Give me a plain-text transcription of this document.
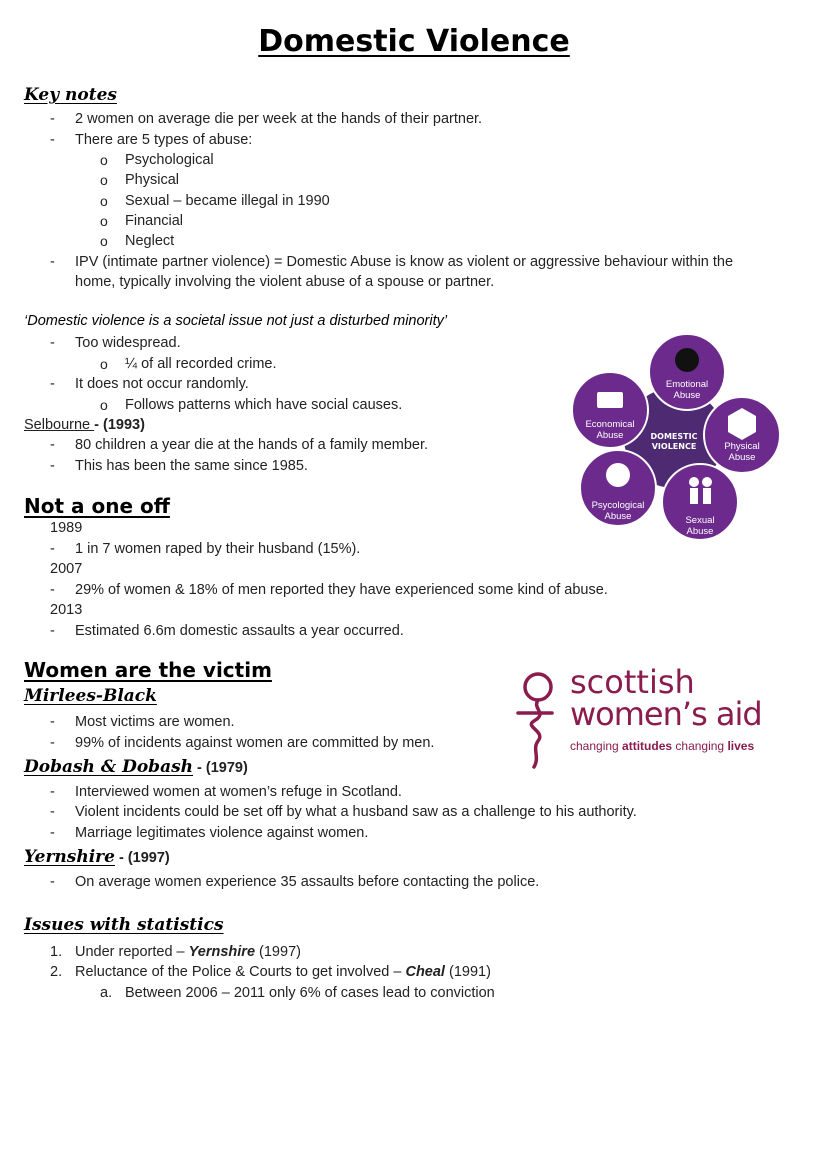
Domestic Violence
Key notes
- 2 women on average die per week at the hands of their partner.
- There are 5 types of abuse:
o Psychological
o Physical
o Sexual – became illegal in 1990
o Financial
o Neglect
- IPV (intimate partner violence) = Domestic Abuse is know as violent or aggressive behaviour within the
home, typically involving the violent abuse of a spouse or partner.
‘Domestic violence is a societal issue not just a disturbed minority’
- Too widespread.
o ¼ of all recorded crime.
- It does not occur randomly.
o Follows patterns which have social causes.
Selbourne - (1993)
- 80 children a year die at the hands of a family member.
- This has been the same since 1985.
DOMESTIC
VIOLENCE
Emotional
Abuse
Economical
Abuse
Physical
Abuse
Psycological
Abuse	Sexual
Abuse
Not a one off
1989
- 1 in 7 women raped by their husband (15%).
2007
- 29% of women & 18% of men reported they have experienced some kind of abuse.
2013
- Estimated 6.6m domestic assaults a year occurred.
Women are the victim
Mirlees-Black
- Most victims are women.
- 99% of incidents against women are committed by men.
Dobash & Dobash - (1979)
- Interviewed women at women’s refuge in Scotland.
- Violent incidents could be set off by what a husband saw as a challenge to his authority.
- Marriage legitimates violence against women.
Yernshire - (1997)
- On average women experience 35 assaults before contacting the police.
scottish
women’s aid
changing attitudes changing lives
Issues with statistics
1. Under reported – Yernshire (1997)
2. Reluctance of the Police & Courts to get involved – Cheal (1991)
a. Between 2006 – 2011 only 6% of cases lead to conviction
